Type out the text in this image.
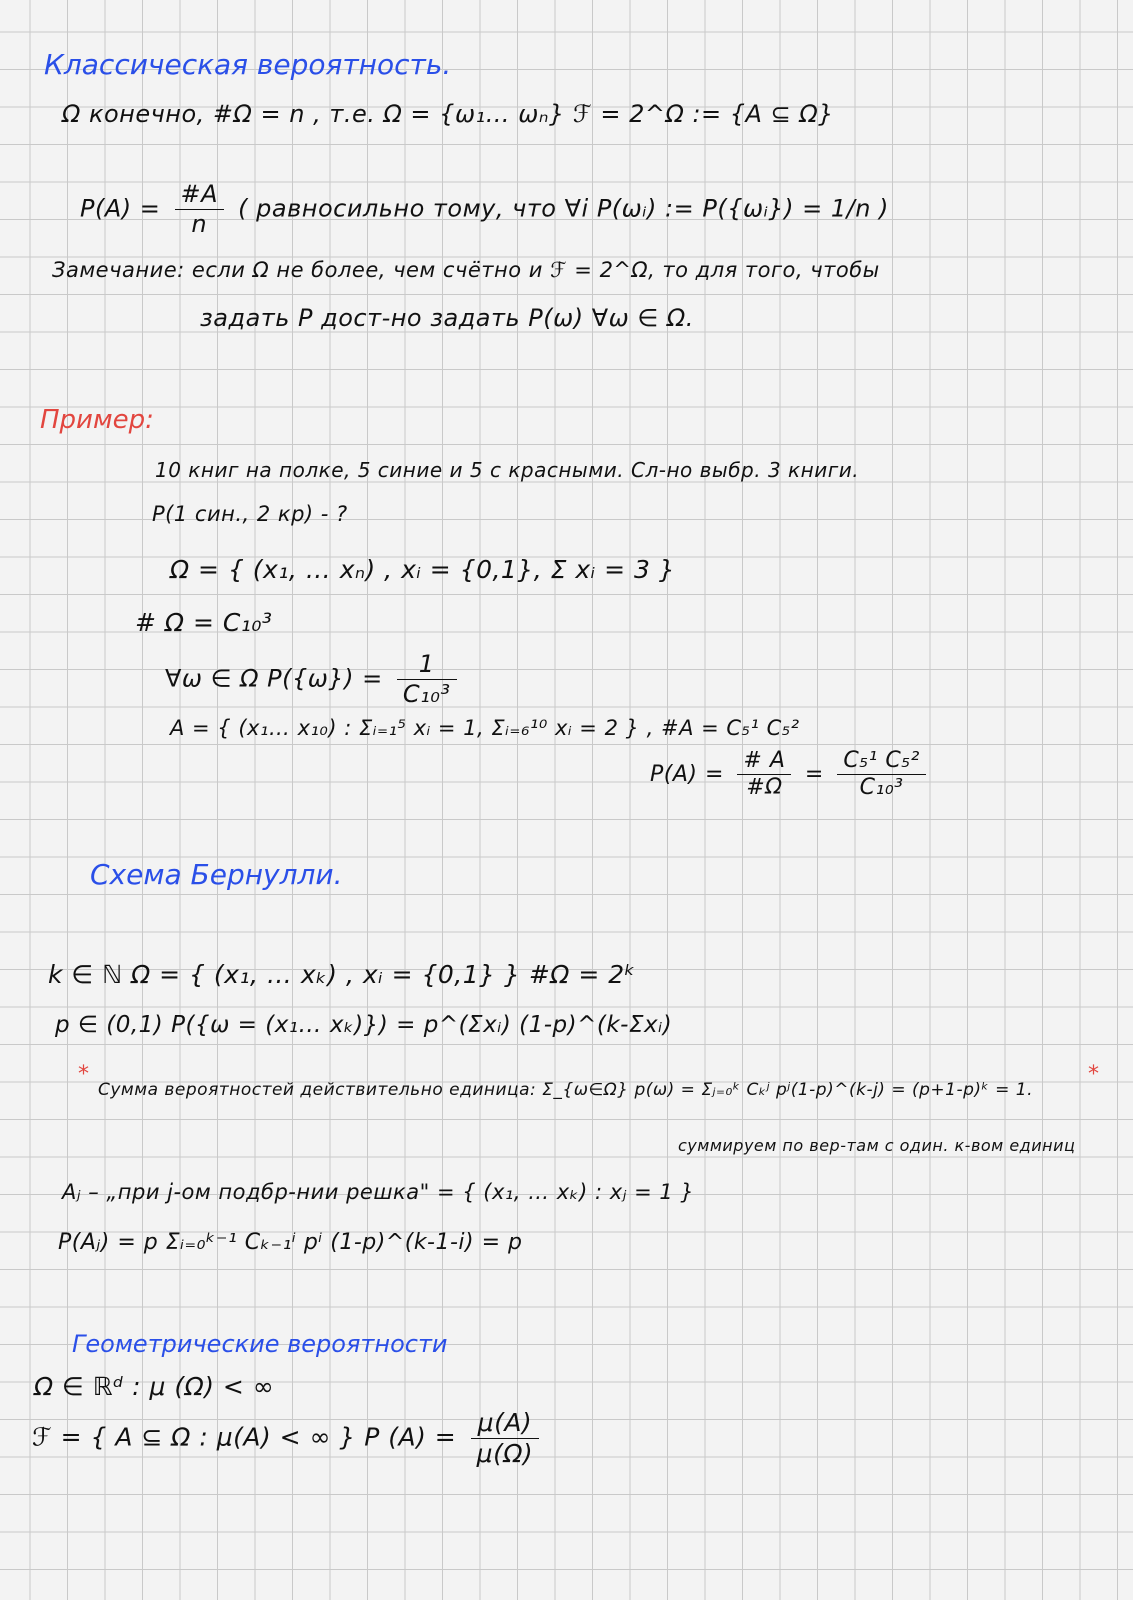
Классическая вероятность.
Ω конечно, #Ω = n , т.е. Ω = {ω₁… ωₙ} ℱ = 2^Ω := {A ⊆ Ω}
$P(A) = \frac{\#A}{n}$ ( равносильно тому, что ∀i P(ωᵢ) := P({ωᵢ}) = 1/n )
Замечание: если Ω не более, чем счётно и ℱ = 2^Ω, то для того, чтобы
задать P дост-но задать P(ω) ∀ω ∈ Ω.
Пример:
10 книг на полке, 5 синие и 5 с красными. Сл-но выбр. 3 книги.
P(1 син., 2 кр) - ?
Ω = { (x₁, … xₙ) , xᵢ = {0,1}, Σ xᵢ = 3 }
# Ω = C₁₀³
∀ω ∈ Ω $P(\{\omega\}) = \frac{1}{\text{C₁₀³}}$
A = { (x₁… x₁₀) : Σᵢ₌₁⁵ xᵢ = 1, Σᵢ₌₆¹⁰ xᵢ = 2 } , #A = C₅¹ C₅²
$P(A) = \frac{\# A}{\#\Omega} = \frac{\text{C₅¹ C₅²}}{\text{C₁₀³}}$
Схема Бернулли.
k ∈ ℕ Ω = { (x₁, … xₖ) , xᵢ = {0,1} } #Ω = 2ᵏ
p ∈ (0,1) P({ω = (x₁… xₖ)}) = p^(Σxᵢ) (1-p)^(k-Σxᵢ)
*
Сумма вероятностей действительно единица: Σ_{ω∈Ω} p(ω) = Σⱼ₌₀ᵏ Cₖʲ pʲ(1-p)^(k-j) = (p+1-p)ᵏ = 1.
*
суммируем по вер-там с один. к-вом единиц
Aⱼ – „при j-ом подбр-нии решка" = { (x₁, … xₖ) : xⱼ = 1 }
P(Aⱼ) = p Σᵢ₌₀ᵏ⁻¹ Cₖ₋₁ⁱ pⁱ (1-p)^(k-1-i) = p
Геометрические вероятности
Ω ∈ ℝᵈ : μ (Ω) < ∞
ℱ = { A ⊆ Ω : μ(A) < ∞ } P $(A) = \frac{\mu(A)}{\mu(\Omega)}$
